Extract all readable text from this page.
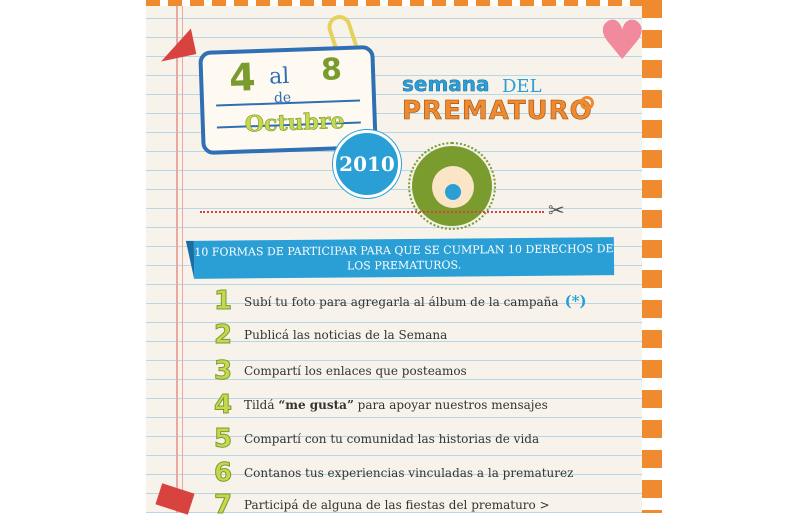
♥
4 al 8
de
Octubre
2010
semana DEL
PREMATURO
✂
10 FORMAS DE PARTICIPAR PARA QUE SE CUMPLAN 10 DERECHOS DE LOS PREMATUROS.
1 Subí tu foto para agregarla al álbum de la campaña (*)
2 Publicá las noticias de la Semana
3 Compartí los enlaces que posteamos
4 Tildá “me gusta” para apoyar nuestros mensajes
5 Compartí con tu comunidad las historias de vida
6 Contanos tus experiencias vinculadas a la prematurez
7 Participá de alguna de las fiestas del prematuro >
